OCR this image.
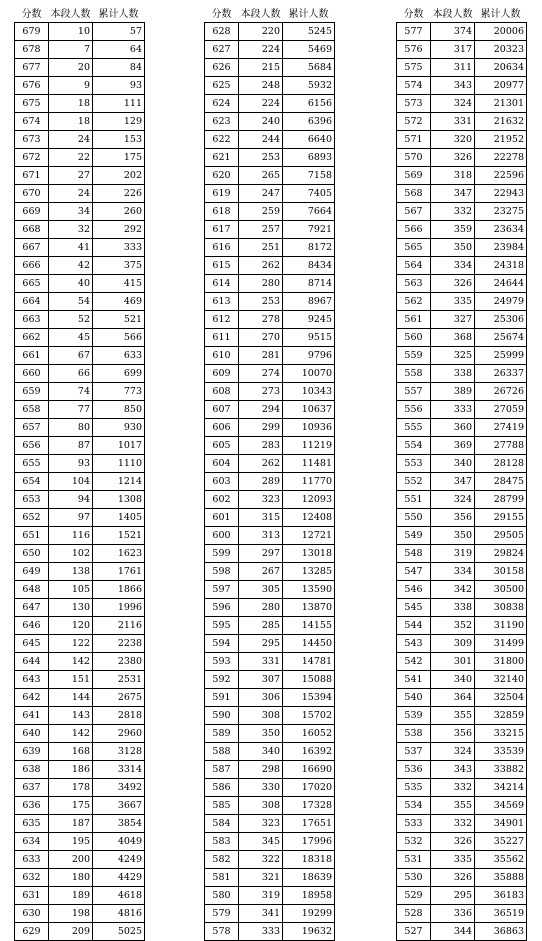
分数	本段人数	累计人数
679	10	57
678	7	64
677	20	84
676	9	93
675	18	111
674	18	129
673	24	153
672	22	175
671	27	202
670	24	226
669	34	260
668	32	292
667	41	333
666	42	375
665	40	415
664	54	469
663	52	521
662	45	566
661	67	633
660	66	699
659	74	773
658	77	850
657	80	930
656	87	1017
655	93	1110
654	104	1214
653	94	1308
652	97	1405
651	116	1521
650	102	1623
649	138	1761
648	105	1866
647	130	1996
646	120	2116
645	122	2238
644	142	2380
643	151	2531
642	144	2675
641	143	2818
640	142	2960
639	168	3128
638	186	3314
637	178	3492
636	175	3667
635	187	3854
634	195	4049
633	200	4249
632	180	4429
631	189	4618
630	198	4816
629	209	5025
分数	本段人数	累计人数
628	220	5245
627	224	5469
626	215	5684
625	248	5932
624	224	6156
623	240	6396
622	244	6640
621	253	6893
620	265	7158
619	247	7405
618	259	7664
617	257	7921
616	251	8172
615	262	8434
614	280	8714
613	253	8967
612	278	9245
611	270	9515
610	281	9796
609	274	10070
608	273	10343
607	294	10637
606	299	10936
605	283	11219
604	262	11481
603	289	11770
602	323	12093
601	315	12408
600	313	12721
599	297	13018
598	267	13285
597	305	13590
596	280	13870
595	285	14155
594	295	14450
593	331	14781
592	307	15088
591	306	15394
590	308	15702
589	350	16052
588	340	16392
587	298	16690
586	330	17020
585	308	17328
584	323	17651
583	345	17996
582	322	18318
581	321	18639
580	319	18958
579	341	19299
578	333	19632
分数	本段人数	累计人数
577	374	20006
576	317	20323
575	311	20634
574	343	20977
573	324	21301
572	331	21632
571	320	21952
570	326	22278
569	318	22596
568	347	22943
567	332	23275
566	359	23634
565	350	23984
564	334	24318
563	326	24644
562	335	24979
561	327	25306
560	368	25674
559	325	25999
558	338	26337
557	389	26726
556	333	27059
555	360	27419
554	369	27788
553	340	28128
552	347	28475
551	324	28799
550	356	29155
549	350	29505
548	319	29824
547	334	30158
546	342	30500
545	338	30838
544	352	31190
543	309	31499
542	301	31800
541	340	32140
540	364	32504
539	355	32859
538	356	33215
537	324	33539
536	343	33882
535	332	34214
534	355	34569
533	332	34901
532	326	35227
531	335	35562
530	326	35888
529	295	36183
528	336	36519
527	344	36863
